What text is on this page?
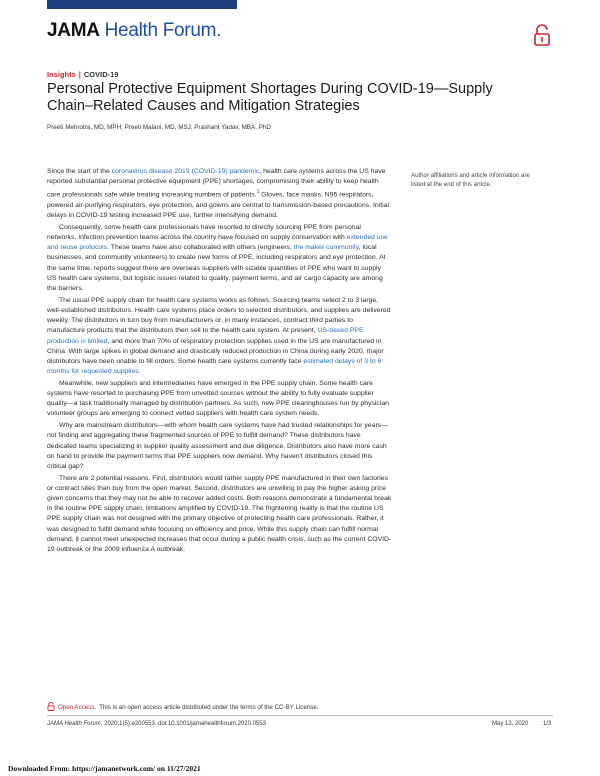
JAMA Health Forum.
Insights | COVID-19
Personal Protective Equipment Shortages During COVID-19—Supply Chain–Related Causes and Mitigation Strategies
Preeti Mehrotra, MD, MPH; Preeti Malani, MD, MSJ; Prashant Yadav, MBA, PhD

Since the start of the coronavirus disease 2019 (COVID-19) pandemic, health care systems across the US have reported substantial personal protective equipment (PPE) shortages, compromising their ability to keep health care professionals safe while treating increasing numbers of patients.$^1$ Gloves, face masks, N95 respirators, powered air-purifying respirators, eye protection, and gowns are central to transmission-based precautions. Initial delays in COVID-19 testing increased PPE use, further intensifying demand.

Consequently, some health care professionals have resorted to directly sourcing PPE from personal networks. Infection prevention teams across the country have focused on supply conservation with extended use and reuse protocols. These teams have also collaborated with others (engineers, the maker community, local businesses, and community volunteers) to create new forms of PPE, including respirators and eye protection. At the same time, reports suggest there are overseas suppliers with sizable quantities of PPE who want to supply US health care systems, but logistic issues related to quality, payment terms, and air cargo capacity are among the barriers.

The usual PPE supply chain for health care systems works as follows. Sourcing teams select 2 to 3 large, well-established distributors. Health care systems place orders to selected distributors, and supplies are delivered weekly. The distributors in turn buy from manufacturers or, in many instances, contract third parties to manufacture products that the distributors then sell to the health care system. At present, US-based PPE production is limited, and more than 70% of respiratory protection supplies used in the US are manufactured in China. With large spikes in global demand and drastically reduced production in China during early 2020, major distributors have been unable to fill orders. Some health care systems currently face estimated delays of 3 to 6 months for requested supplies.

Meanwhile, new suppliers and intermediaries have emerged in the PPE supply chain. Some health care systems have resorted to purchasing PPE from unvetted sources without the ability to fully evaluate supplier quality—a task traditionally managed by distribution partners. As such, new PPE clearinghouses run by physician volunteer groups are emerging to connect vetted suppliers with health care system needs.

Why are mainstream distributors—with whom health care systems have had trusted relationships for years—not finding and aggregating these fragmented sources of PPE to fulfill demand? These distributors have dedicated teams specializing in supplier quality assessment and due diligence. Distributors also have more cash on hand to provide the payment terms that PPE suppliers now demand. Why haven't distributors closed this critical gap?

There are 2 potential reasons. First, distributors would rather supply PPE manufactured in their own factories or contract sites than buy from the open market. Second, distributors are unwilling to pay the higher asking price given concerns that they may not be able to recover added costs. Both reasons demonstrate a fundamental break in the routine PPE supply chain, limitations amplified by COVID-19. The frightening reality is that the routine US PPE supply chain was not designed with the primary objective of protecting health care professionals. Rather, it was designed to fulfill demand while focusing on efficiency and price. While this supply chain can fulfill normal demand, it cannot meet unexpected increases that occur during a public health crisis, such as the current COVID-19 outbreak or the 2009 influenza A outbreak.

Author affiliations and article information are listed at the end of this article.
Open Access. This is an open access article distributed under the terms of the CC-BY License.
JAMA Health Forum. 2020;1(5):e200553. doi:10.1001/jamahealthforum.2020.0553	May 12, 2020 1/3
Downloaded From: https://jamanetwork.com/ on 11/27/2021
